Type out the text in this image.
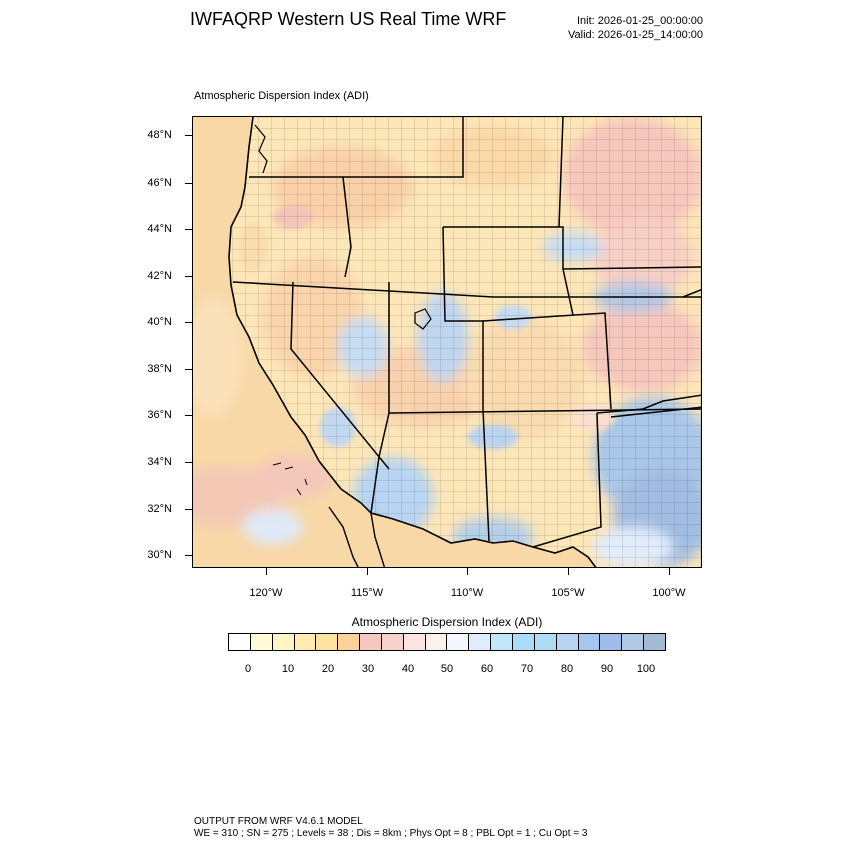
IWFAQRP Western US Real Time WRF	Init: 2026-01-25_00:00:00
Valid: 2026-01-25_14:00:00
Atmospheric Dispersion Index (ADI)
48°N
46°N
44°N
42°N
40°N
38°N
36°N
34°N
32°N
30°N
120°W	115°W	110°W	105°W	100°W
Atmospheric Dispersion Index (ADI)
0	10	20	30	40	50	60	70	80	90	100
OUTPUT FROM WRF V4.6.1 MODEL
WE = 310 ; SN = 275 ; Levels = 38 ; Dis = 8km ; Phys Opt = 8 ; PBL Opt = 1 ; Cu Opt = 3
